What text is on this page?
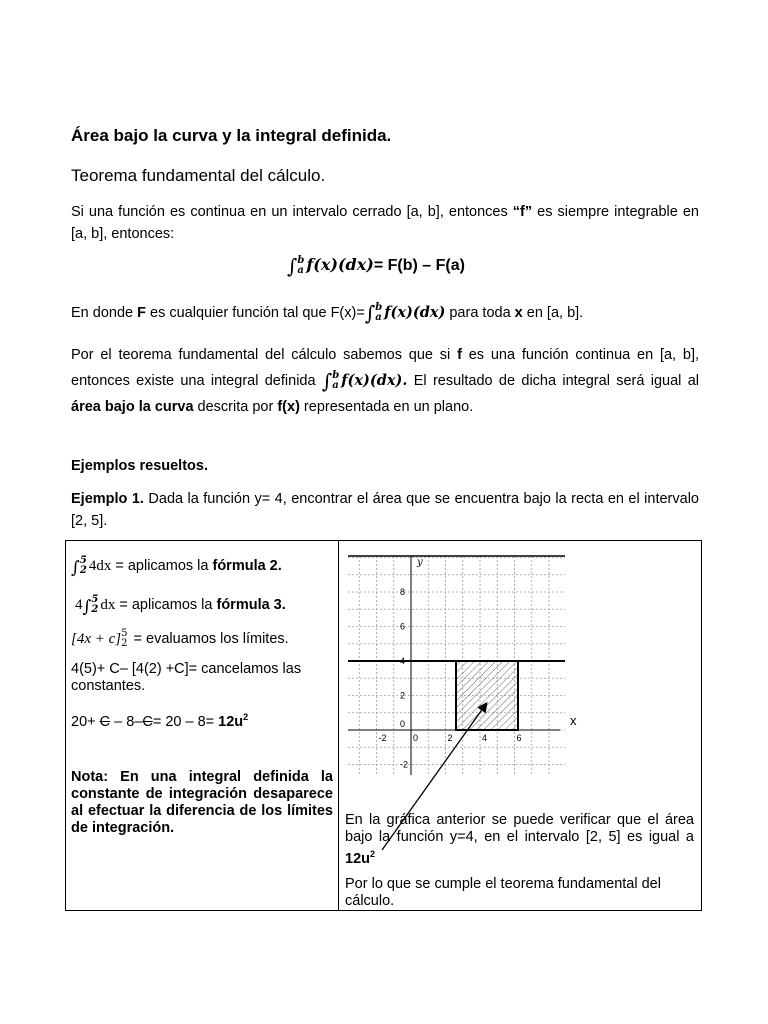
Área bajo la curva y la integral definida.
Teorema fundamental del cálculo.
Si una función es continua en un intervalo cerrado [a, b], entonces “f” es siempre integrable en [a, b], entonces:
∫ b
a f(x)(dx)= F(b) – F(a)
En donde F es cualquier función tal que F(x)=∫ b
a f(x)(dx) para toda x en [a, b].
Por el teorema fundamental del cálculo sabemos que si f es una función continua en [a, b], entonces existe una integral definida ∫ b
a f(x)(dx). El resultado de dicha integral será igual al área bajo la curva descrita por f(x) representada en un plano.
Ejemplos resueltos.
Ejemplo 1. Dada la función y= 4, encontrar el área que se encuentra bajo la recta en el intervalo [2, 5].
∫ 5
2 4dx = aplicamos la fórmula 2.
4∫ 5
2 dx = aplicamos la fórmula 3.
[4x + c] 5
2 = evaluamos los límites.
4(5)+ C– [4(2) +C]= cancelamos las constantes.
$20+ C - 8-C= 20 - 8= 12u^2$
Nota: En una integral definida la constante de integración desaparece al efectuar la diferencia de los límites de integración.
y
-2	0	2	4	6
8
6
4
2
0
-2
x
En la gráfica anterior se puede verificar que el área bajo la función y=4, en el intervalo [2, 5] es igual a $12u^2$
Por lo que se cumple el teorema fundamental del cálculo.
